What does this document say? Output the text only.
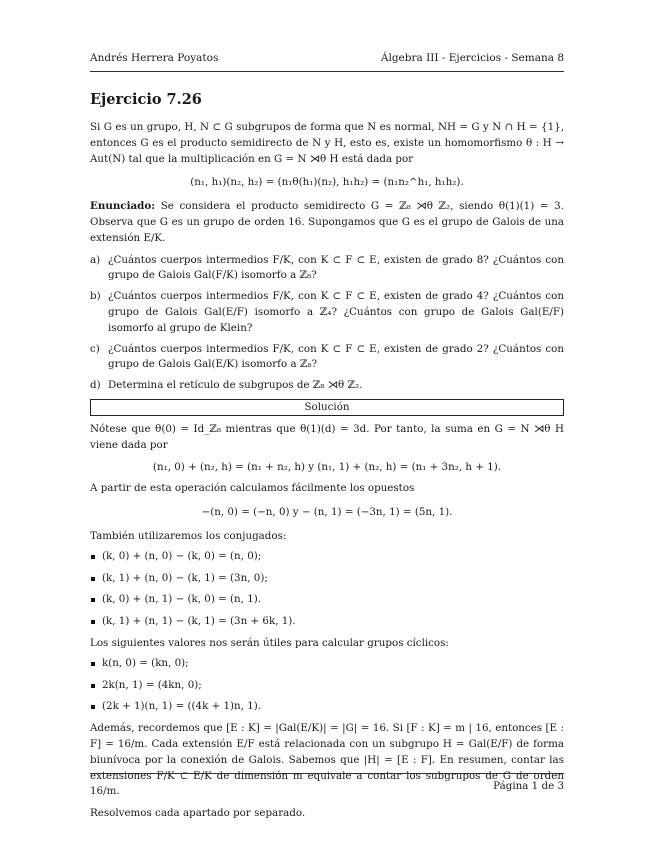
Andrés Herrera Poyatos	Álgebra III - Ejercicios - Semana 8
Ejercicio 7.26

Si G es un grupo, H, N ⊂ G subgrupos de forma que N es normal, NH = G y N ∩ H = {1}, entonces G es el producto semidirecto de N y H, esto es, existe un homomorfismo θ : H → Aut(N) tal que la multiplicación en G = N ⋊θ H está dada por

(n₁, h₁)(n₂, h₂) = (n₁θ(h₁)(n₂), h₁h₂) = (n₁n₂^h₁, h₁h₂).

Enunciado: Se considera el producto semidirecto G = ℤ₈ ⋊θ ℤ₂, siendo θ(1)(1) = 3. Observa que G es un grupo de orden 16. Supongamos que G es el grupo de Galois de una extensión E/K.

a) ¿Cuántos cuerpos intermedios F/K, con K ⊂ F ⊂ E, existen de grado 8? ¿Cuántos con grupo de Galois Gal(F/K) isomorfo a ℤ₈?
b) ¿Cuántos cuerpos intermedios F/K, con K ⊂ F ⊂ E, existen de grado 4? ¿Cuántos con grupo de Galois Gal(E/F) isomorfo a ℤ₄? ¿Cuántos con grupo de Galois Gal(E/F) isomorfo al grupo de Klein?
c) ¿Cuántos cuerpos intermedios F/K, con K ⊂ F ⊂ E, existen de grado 2? ¿Cuántos con grupo de Galois Gal(E/K) isomorfo a ℤ₈?
d) Determina el retículo de subgrupos de ℤ₈ ⋊θ ℤ₂.
Solución

Nótese que θ(0) = Id_ℤ₈ mientras que θ(1)(d) = 3d. Por tanto, la suma en G = N ⋊θ H viene dada por

(n₁, 0) + (n₂, h) = (n₁ + n₂, h) y (n₁, 1) + (n₂, h) = (n₁ + 3n₂, h + 1).

A partir de esta operación calculamos fácilmente los opuestos

−(n, 0) = (−n, 0) y − (n, 1) = (−3n, 1) = (5n, 1).

También utilizaremos los conjugados:

(k, 0) + (n, 0) − (k, 0) = (n, 0);
(k, 1) + (n, 0) − (k, 1) = (3n, 0);
(k, 0) + (n, 1) − (k, 0) = (n, 1).
(k, 1) + (n, 1) − (k, 1) = (3n + 6k, 1).

Los siguientes valores nos serán útiles para calcular grupos cíclicos:

k(n, 0) = (kn, 0);
2k(n, 1) = (4kn, 0);
(2k + 1)(n, 1) = ((4k + 1)n, 1).

Además, recordemos que [E : K] = |Gal(E/K)| = |G| = 16. Si [F : K] = m | 16, entonces [E : F] = 16/m. Cada extensión E/F está relacionada con un subgrupo H = Gal(E/F) de forma biunívoca por la conexión de Galois. Sabemos que |H| = [E : F]. En resumen, contar las extensiones F/K ⊂ E/K de dimensión m equivale a contar los subgrupos de G de orden 16/m.

Resolvemos cada apartado por separado.

Página 1 de 3
